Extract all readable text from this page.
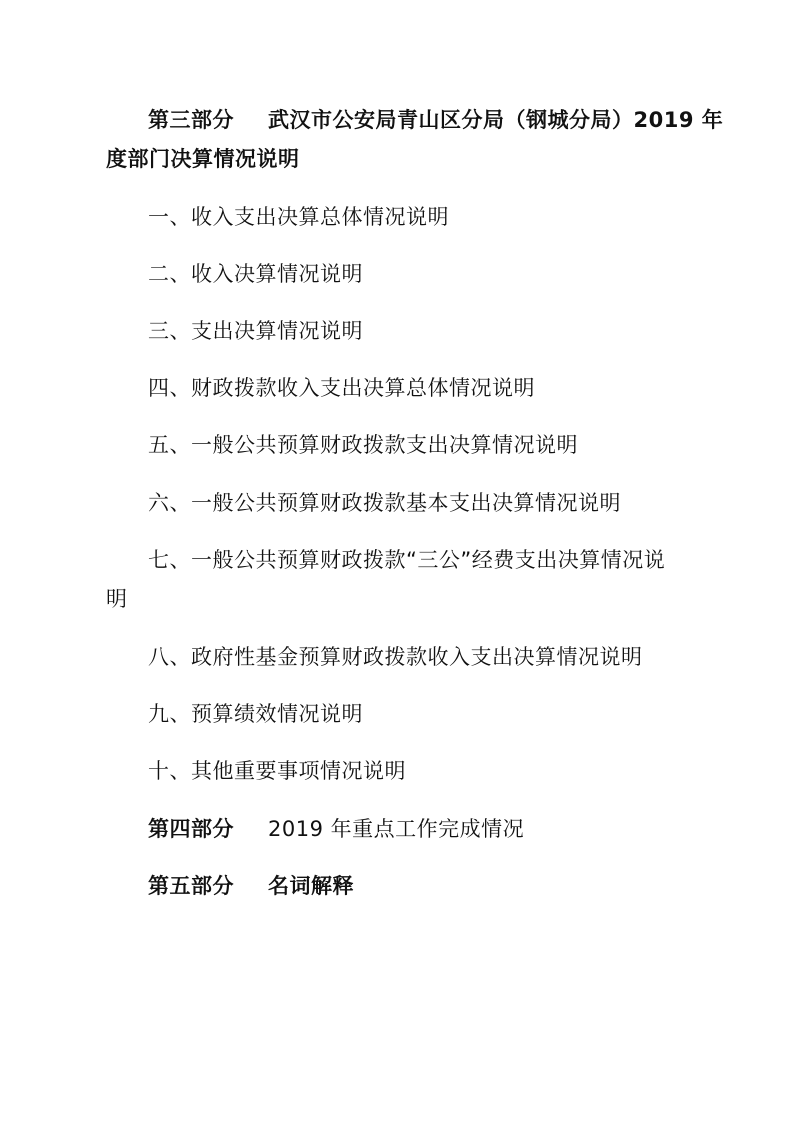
第三部分 武汉市公安局青山区分局（钢城分局）2019 年
度部门决算情况说明
一、收入支出决算总体情况说明
二、收入决算情况说明
三、支出决算情况说明
四、财政拨款收入支出决算总体情况说明
五、一般公共预算财政拨款支出决算情况说明
六、一般公共预算财政拨款基本支出决算情况说明
七、一般公共预算财政拨款“三公”经费支出决算情况说
明
八、政府性基金预算财政拨款收入支出决算情况说明
九、预算绩效情况说明
十、其他重要事项情况说明
第四部分 2019 年重点工作完成情况
第五部分 名词解释
